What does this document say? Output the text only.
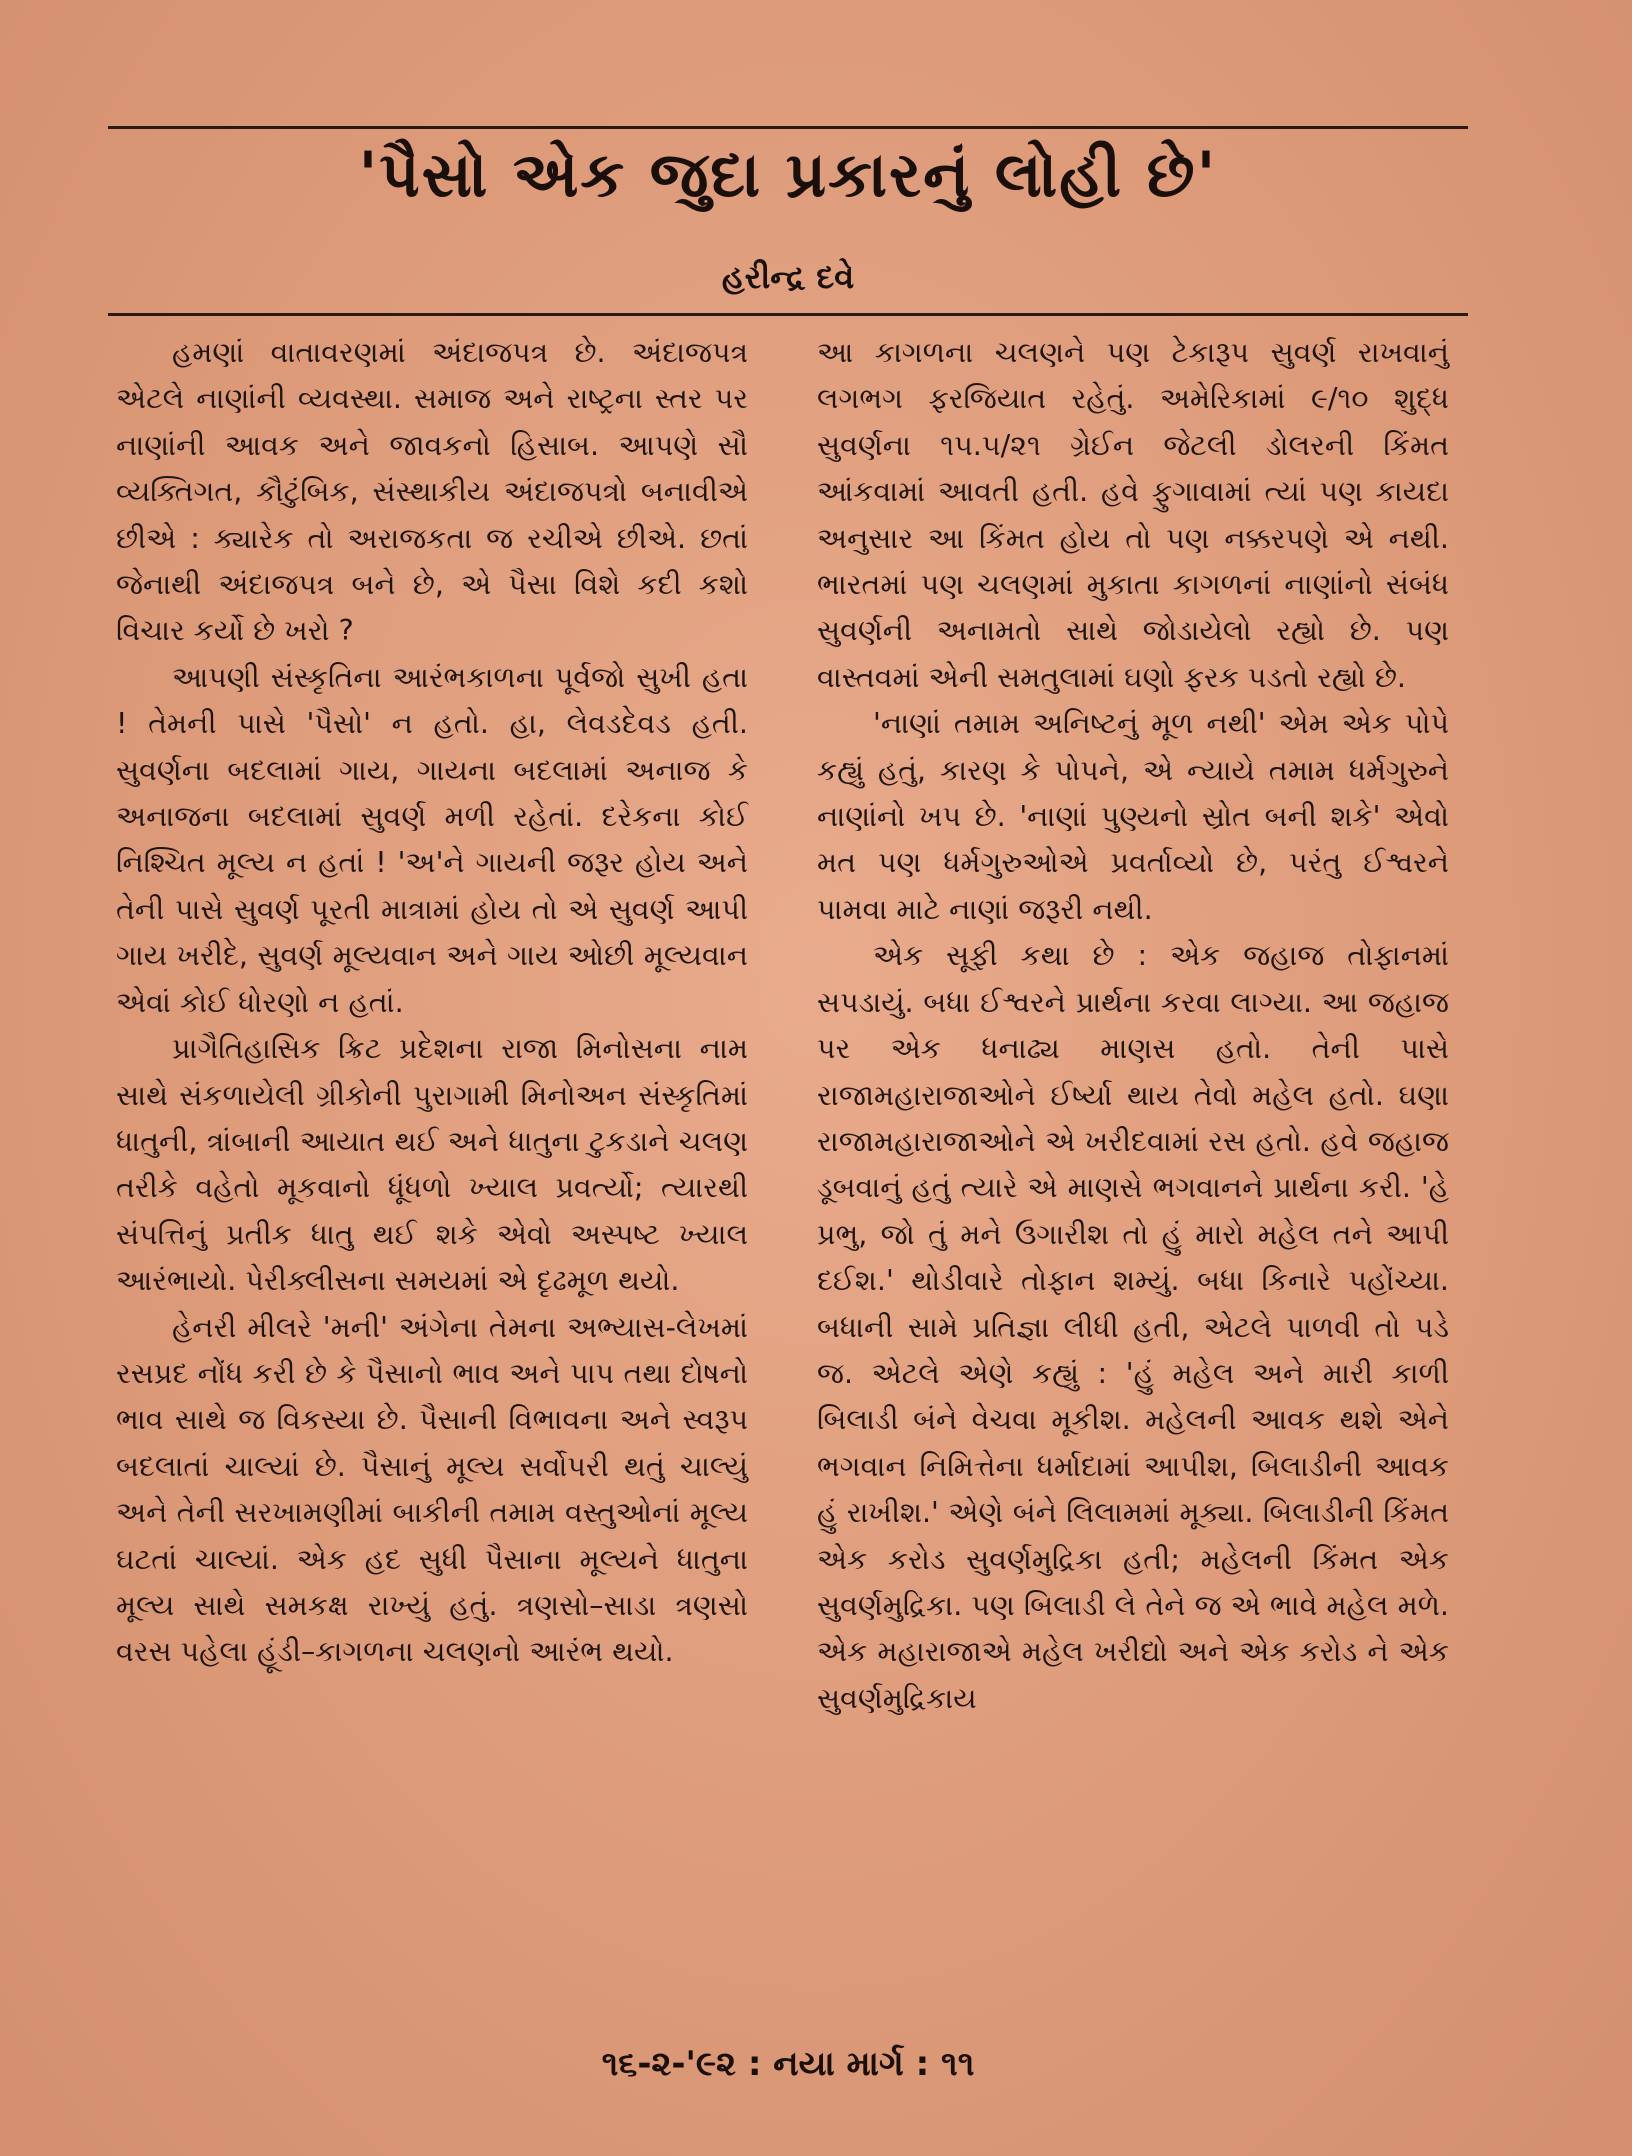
'પૈસો એક જુદા પ્રકારનું લોહી છે'
હરીન્દ્ર દવે

હમણાં વાતાવરણમાં અંદાજપત્ર છે. અંદાજપત્ર એટલે નાણાંની વ્યવસ્થા. સમાજ અને રાષ્ટ્રના સ્તર પર નાણાંની આવક અને જાવકનો હિસાબ. આપણે સૌ વ્યક્તિગત, કૌટુંબિક, સંસ્થાકીય અંદાજપત્રો બનાવીએ છીએ : ક્યારેક તો અરાજકતા જ રચીએ છીએ. છતાં જેનાથી અંદાજપત્ર બને છે, એ પૈસા વિશે કદી કશો વિચાર કર્યો છે ખરો ?

આપણી સંસ્કૃતિના આરંભકાળના પૂર્વજો સુખી હતા ! તેમની પાસે 'પૈસો' ન હતો. હા, લેવડદેવડ હતી. સુવર્ણના બદલામાં ગાય, ગાયના બદલામાં અનાજ કે અનાજના બદલામાં સુવર્ણ મળી રહેતાં. દરેકના કોઈ નિશ્ચિત મૂલ્ય ન હતાં ! 'અ'ને ગાયની જરૂર હોય અને તેની પાસે સુવર્ણ પૂરતી માત્રામાં હોય તો એ સુવર્ણ આપી ગાય ખરીદે, સુવર્ણ મૂલ્યવાન અને ગાય ઓછી મૂલ્યવાન એવાં કોઈ ધોરણો ન હતાં.

પ્રાગૈતિહાસિક ક્રિટ પ્રદેશના રાજા મિનોસના નામ સાથે સંકળાયેલી ગ્રીકોની પુરાગામી મિનોઅન સંસ્કૃતિમાં ધાતુની, ત્રાંબાની આયાત થઈ અને ધાતુના ટુકડાને ચલણ તરીકે વહેતો મૂકવાનો ધૂંધળો ખ્યાલ પ્રવર્ત્યો; ત્યારથી સંપત્તિનું પ્રતીક ધાતુ થઈ શકે એવો અસ્પષ્ટ ખ્યાલ આરંભાયો. પેરીક્લીસના સમયમાં એ દૃઢમૂળ થયો.

હેનરી મીલરે 'મની' અંગેના તેમના અભ્યાસ-લેખમાં રસપ્રદ નોંધ કરી છે કે પૈસાનો ભાવ અને પાપ તથા દોષનો ભાવ સાથે જ વિકસ્યા છે. પૈસાની વિભાવના અને સ્વરૂપ બદલાતાં ચાલ્યાં છે. પૈસાનું મૂલ્ય સર્વોપરી થતું ચાલ્યું અને તેની સરખામણીમાં બાકીની તમામ વસ્તુઓનાં મૂલ્ય ઘટતાં ચાલ્યાં. એક હદ સુધી પૈસાના મૂલ્યને ધાતુના મૂલ્ય સાથે સમકક્ષ રાખ્યું હતું. ત્રણસો–સાડા ત્રણસો વરસ પહેલા હૂંડી–કાગળના ચલણનો આરંભ થયો.

આ કાગળના ચલણને પણ ટેકારૂપ સુવર્ણ રાખવાનું લગભગ ફરજિયાત રહેતું. અમેરિકામાં ૯/૧૦ શુદ્ધ સુવર્ણના ૧૫.૫/૨૧ ગ્રેઈન જેટલી ડોલરની કિંમત આંકવામાં આવતી હતી. હવે ફુગાવામાં ત્યાં પણ કાયદા અનુસાર આ કિંમત હોય તો પણ નક્કરપણે એ નથી. ભારતમાં પણ ચલણમાં મુકાતા કાગળનાં નાણાંનો સંબંધ સુવર્ણની અનામતો સાથે જોડાયેલો રહ્યો છે. પણ વાસ્તવમાં એની સમતુલામાં ઘણો ફરક પડતો રહ્યો છે.

'નાણાં તમામ અનિષ્ટનું મૂળ નથી' એમ એક પોપે કહ્યું હતું, કારણ કે પોપને, એ ન્યાયે તમામ ધર્મગુરુને નાણાંનો ખપ છે. 'નાણાં પુણ્યનો સ્રોત બની શકે' એવો મત પણ ધર્મગુરુઓએ પ્રવર્તાવ્યો છે, પરંતુ ઈશ્વરને પામવા માટે નાણાં જરૂરી નથી.

એક સૂફી કથા છે : એક જહાજ તોફાનમાં સપડાયું. બધા ઈશ્વરને પ્રાર્થના કરવા લાગ્યા. આ જહાજ પર એક ધનાઢ્ય માણસ હતો. તેની પાસે રાજામહારાજાઓને ઈર્ષ્યા થાય તેવો મહેલ હતો. ઘણા રાજામહારાજાઓને એ ખરીદવામાં રસ હતો. હવે જહાજ ડૂબવાનું હતું ત્યારે એ માણસે ભગવાનને પ્રાર્થના કરી. 'હે પ્રભુ, જો તું મને ઉગારીશ તો હું મારો મહેલ તને આપી દઈશ.' થોડીવારે તોફાન શમ્યું. બધા કિનારે પહોંચ્યા. બધાની સામે પ્રતિજ્ઞા લીધી હતી, એટલે પાળવી તો પડે જ. એટલે એણે કહ્યું : 'હું મહેલ અને મારી કાળી બિલાડી બંને વેચવા મૂકીશ. મહેલની આવક થશે એને ભગવાન નિમિત્તેના ધર્માદામાં આપીશ, બિલાડીની આવક હું રાખીશ.' એણે બંને લિલામમાં મૂક્યા. બિલાડીની કિંમત એક કરોડ સુવર્ણમુદ્રિકા હતી; મહેલની કિંમત એક સુવર્ણમુદ્રિકા. પણ બિલાડી લે તેને જ એ ભાવે મહેલ મળે. એક મહારાજાએ મહેલ ખરીદ્યો અને એક કરોડ ને એક સુવર્ણમુદ્રિકાય

૧૬-૨-'૯૨ : નયા માર્ગ : ૧૧
